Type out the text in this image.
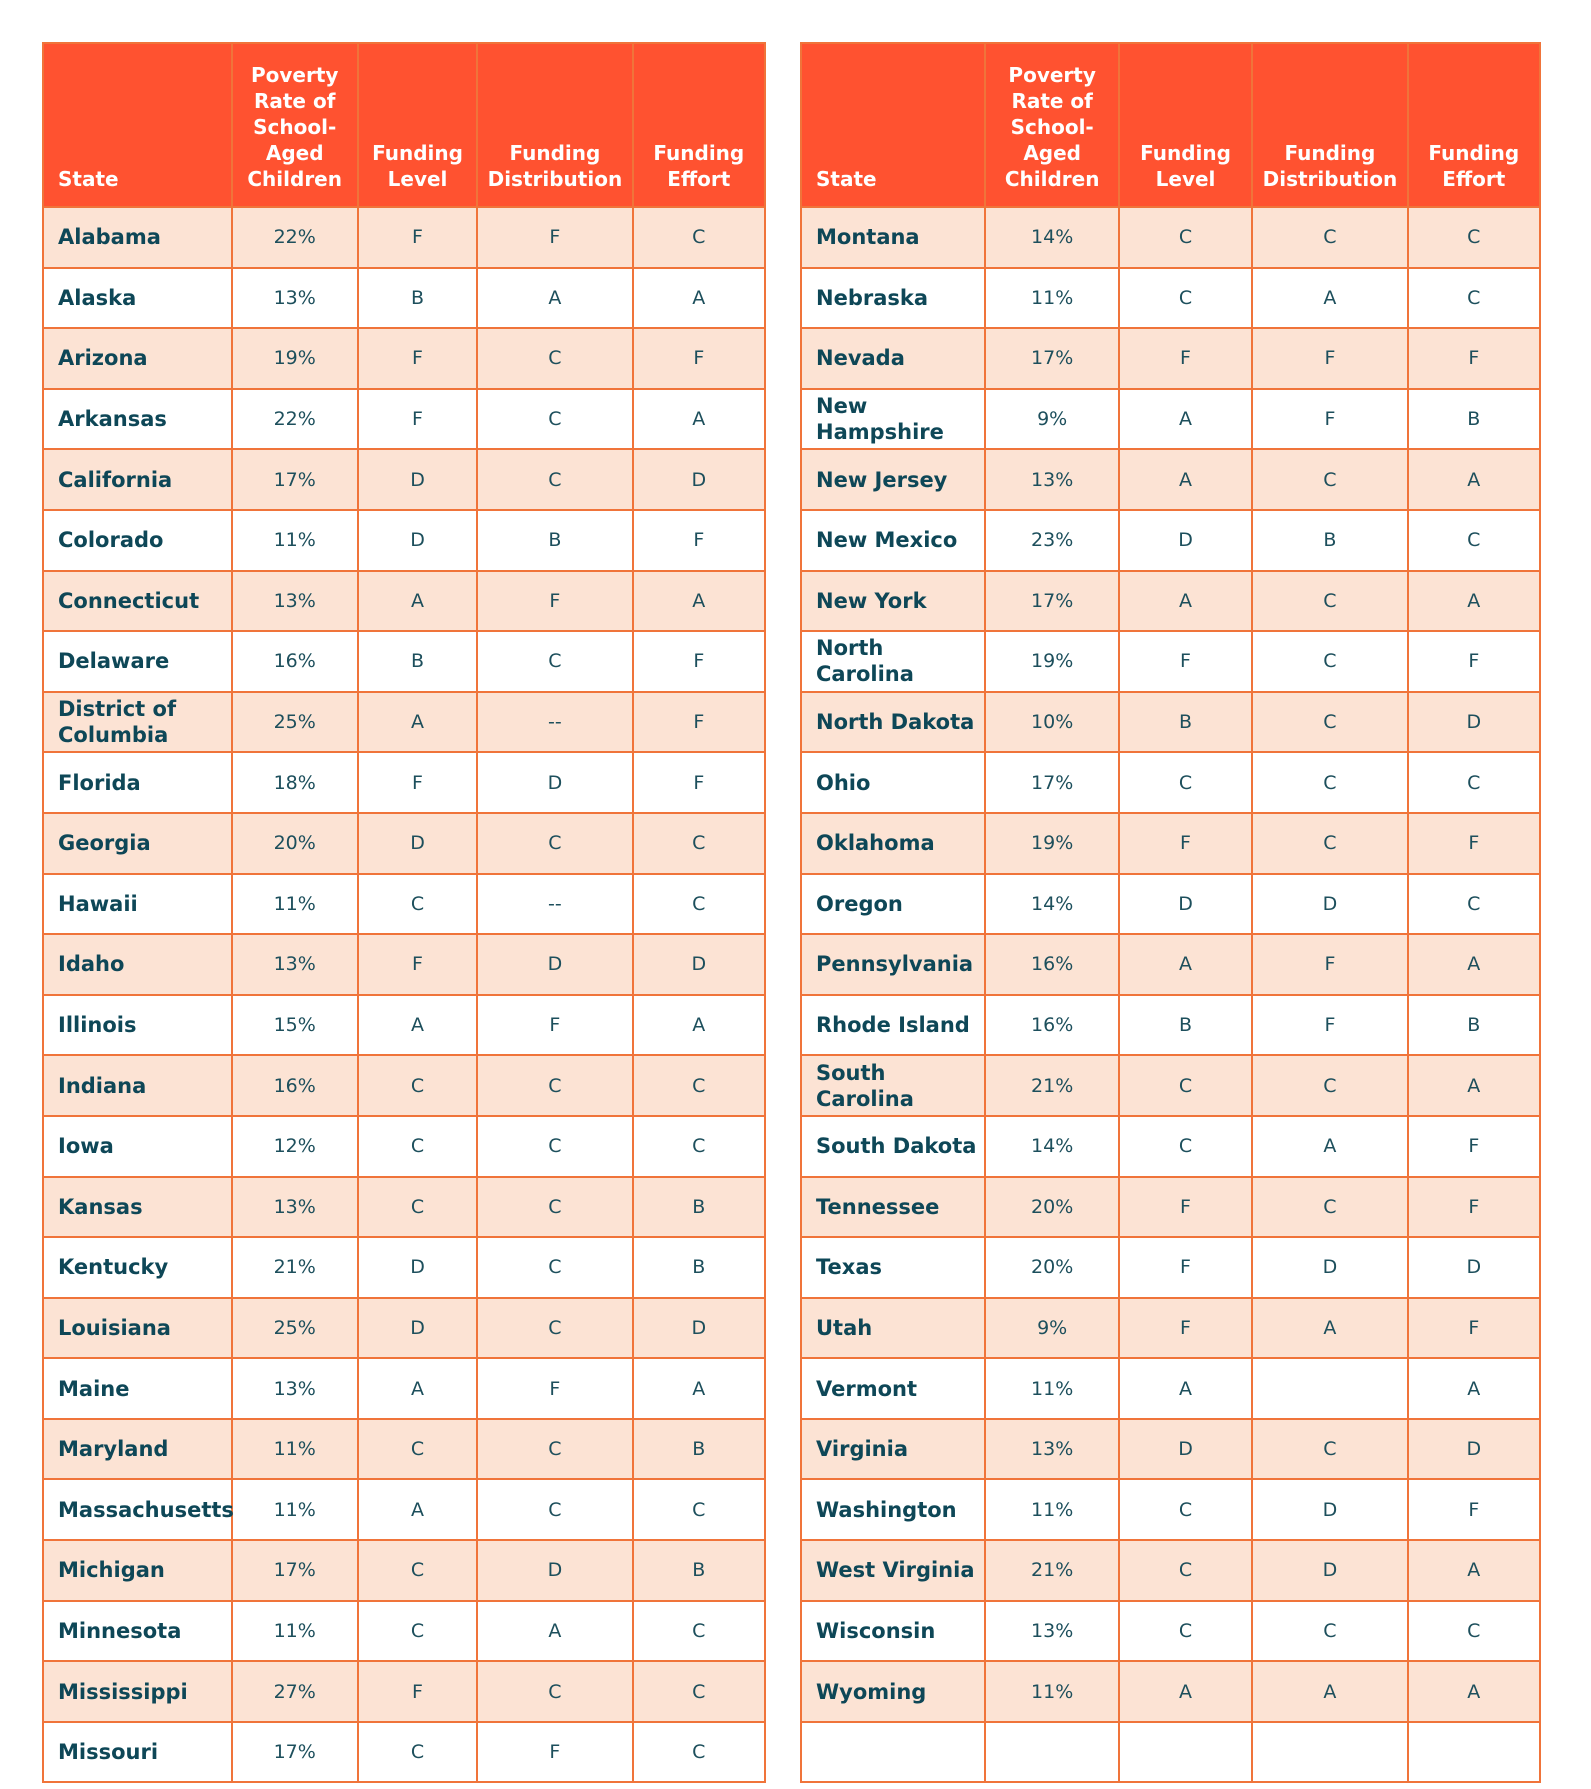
State	Poverty Rate of School-Aged Children	Funding Level	Funding Distribution	Funding Effort
Alabama	22%	F	F	C
Alaska	13%	B	A	A
Arizona	19%	F	C	F
Arkansas	22%	F	C	A
California	17%	D	C	D
Colorado	11%	D	B	F
Connecticut	13%	A	F	A
Delaware	16%	B	C	F
District of Columbia	25%	A	--	F
Florida	18%	F	D	F
Georgia	20%	D	C	C
Hawaii	11%	C	--	C
Idaho	13%	F	D	D
Illinois	15%	A	F	A
Indiana	16%	C	C	C
Iowa	12%	C	C	C
Kansas	13%	C	C	B
Kentucky	21%	D	C	B
Louisiana	25%	D	C	D
Maine	13%	A	F	A
Maryland	11%	C	C	B
Massachusetts	11%	A	C	C
Michigan	17%	C	D	B
Minnesota	11%	C	A	C
Mississippi	27%	F	C	C
Missouri	17%	C	F	C
State	Poverty Rate of School-Aged Children	Funding Level	Funding Distribution	Funding Effort
Montana	14%	C	C	C
Nebraska	11%	C	A	C
Nevada	17%	F	F	F
New Hampshire	9%	A	F	B
New Jersey	13%	A	C	A
New Mexico	23%	D	B	C
New York	17%	A	C	A
North Carolina	19%	F	C	F
North Dakota	10%	B	C	D
Ohio	17%	C	C	C
Oklahoma	19%	F	C	F
Oregon	14%	D	D	C
Pennsylvania	16%	A	F	A
Rhode Island	16%	B	F	B
South Carolina	21%	C	C	A
South Dakota	14%	C	A	F
Tennessee	20%	F	C	F
Texas	20%	F	D	D
Utah	9%	F	A	F
Vermont	11%	A		A
Virginia	13%	D	C	D
Washington	11%	C	D	F
West Virginia	21%	C	D	A
Wisconsin	13%	C	C	C
Wyoming	11%	A	A	A
